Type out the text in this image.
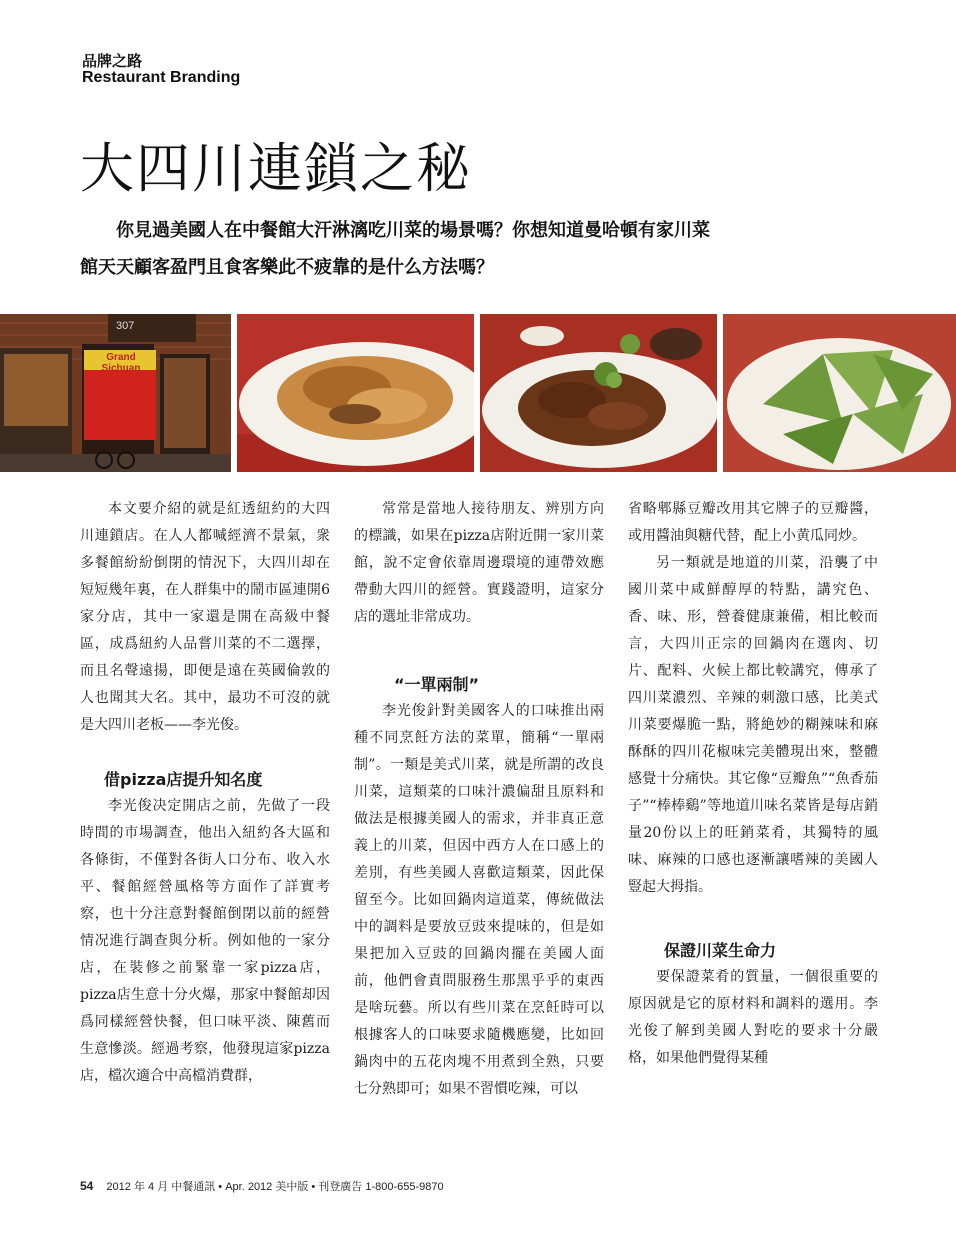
品牌之路
Restaurant Branding
大四川連鎖之秘
你見過美國人在中餐館大汗淋漓吃川菜的場景嗎？你想知道曼哈頓有家川菜館天天顧客盈門且食客樂此不疲靠的是什么方法嗎？
307
Grand Sichuan

本文要介紹的就是紅透紐約的大四川連鎖店。在人人都喊經濟不景氣，衆多餐館紛紛倒閉的情況下，大四川却在短短幾年裏，在人群集中的鬧市區連開6家分店，其中一家還是開在高級中餐區，成爲紐約人品嘗川菜的不二選擇，而且名聲遠揚，即便是遠在英國倫敦的人也聞其大名。其中，最功不可沒的就是大四川老板——李光俊。

借pizza店提升知名度

李光俊决定開店之前，先做了一段時間的市場調查，他出入紐約各大區和各條街，不僅對各街人口分布、收入水平、餐館經營風格等方面作了詳實考察，也十分注意對餐館倒閉以前的經營情况進行調查與分析。例如他的一家分店，在裝修之前緊靠一家pizza店，pizza店生意十分火爆，那家中餐館却因爲同樣經營快餐，但口味平淡、陳舊而生意慘淡。經過考察，他發現這家pizza店，檔次適合中高檔消費群，

常常是當地人接待朋友、辨別方向的標識，如果在pizza店附近開一家川菜館，說不定會依靠周邊環境的連帶效應帶動大四川的經營。實踐證明，這家分店的選址非常成功。

“一單兩制”

李光俊針對美國客人的口味推出兩種不同烹飪方法的菜單，簡稱“一單兩制”。一類是美式川菜，就是所謂的改良川菜，這類菜的口味汁濃偏甜且原料和做法是根據美國人的需求，并非真正意義上的川菜，但因中西方人在口感上的差別，有些美國人喜歡這類菜，因此保留至今。比如回鍋肉這道菜，傳統做法中的調料是要放豆豉來提味的，但是如果把加入豆豉的回鍋肉擺在美國人面前，他們會責問服務生那黑乎乎的東西是啥玩藝。所以有些川菜在烹飪時可以根據客人的口味要求隨機應變，比如回鍋肉中的五花肉塊不用煮到全熟，只要七分熟即可；如果不習慣吃辣，可以

省略郫縣豆瓣改用其它牌子的豆瓣醬，或用醬油與糖代替，配上小黄瓜同炒。

另一類就是地道的川菜，沿襲了中國川菜中咸鮮醇厚的特點，講究色、香、味、形，營養健康兼備，相比較而言，大四川正宗的回鍋肉在選肉、切 片、配料、火候上都比較講究，傳承了四川菜濃烈、辛辣的刺激口感，比美式川菜要爆脆一點，將絶妙的糊辣味和麻酥酥的四川花椒味完美體現出來，整體感覺十分痛快。其它像“豆瓣魚”“魚香茄子”“棒棒鷄”等地道川味名菜皆是每店銷量20份以上的旺銷菜肴，其獨特的風味、麻辣的口感也逐漸讓嗜辣的美國人豎起大拇指。

保證川菜生命力

要保證菜肴的質量，一個很重要的原因就是它的原材料和調料的選用。李光俊了解到美國人對吃的要求十分嚴格，如果他們覺得某種

54 2012 年 4 月 中餐通訊 • Apr. 2012 美中版 • 刊登廣告 1-800-655-9870
